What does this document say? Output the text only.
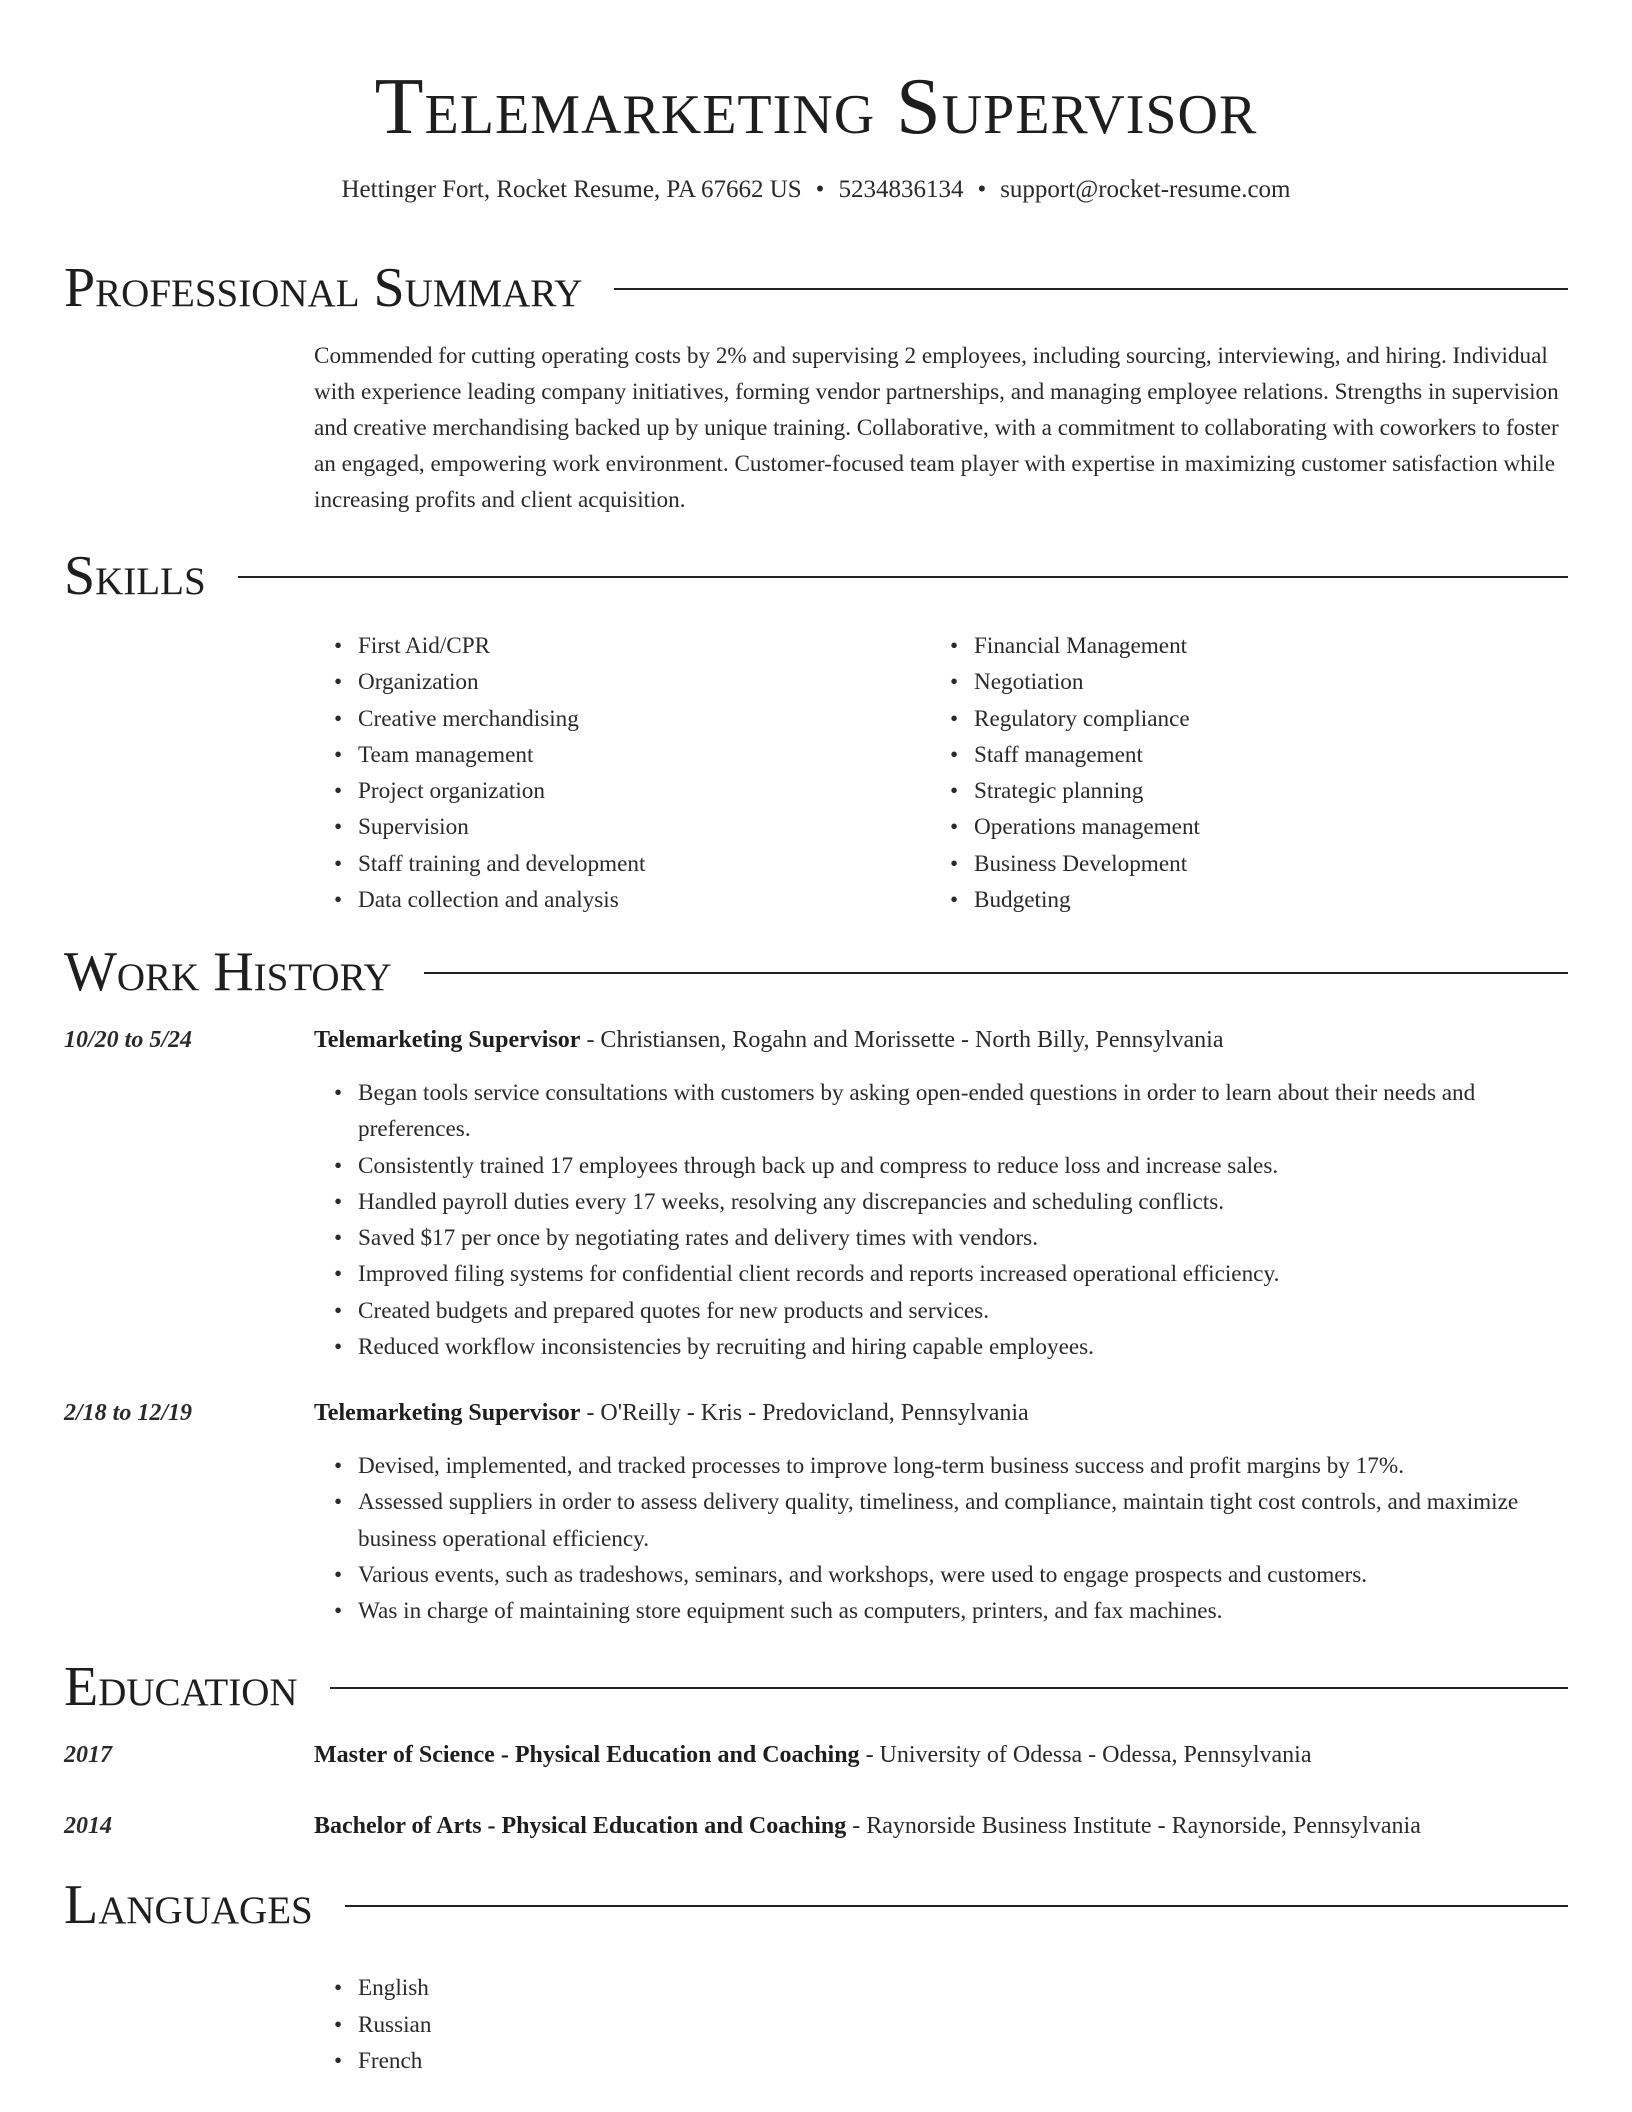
Telemarketing Supervisor
Hettinger Fort, Rocket Resume, PA 67662 US • 5234836134 • support@rocket-resume.com
Professional Summary
Commended for cutting operating costs by 2% and supervising 2 employees, including sourcing, interviewing, and hiring. Individual with experience leading company initiatives, forming vendor partnerships, and managing employee relations. Strengths in supervision and creative merchandising backed up by unique training. Collaborative, with a commitment to collaborating with coworkers to foster an engaged, empowering work environment. Customer-focused team player with expertise in maximizing customer satisfaction while increasing profits and client acquisition.
Skills
• First Aid/CPR
• Organization
• Creative merchandising
• Team management
• Project organization
• Supervision
• Staff training and development
• Data collection and analysis
• Financial Management
• Negotiation
• Regulatory compliance
• Staff management
• Strategic planning
• Operations management
• Business Development
• Budgeting
Work History
10/20 to 5/24	Telemarketing Supervisor - Christiansen, Rogahn and Morissette - North Billy, Pennsylvania
• Began tools service consultations with customers by asking open-ended questions in order to learn about their needs and preferences.
• Consistently trained 17 employees through back up and compress to reduce loss and increase sales.
• Handled payroll duties every 17 weeks, resolving any discrepancies and scheduling conflicts.
• Saved $17 per once by negotiating rates and delivery times with vendors.
• Improved filing systems for confidential client records and reports increased operational efficiency.
• Created budgets and prepared quotes for new products and services.
• Reduced workflow inconsistencies by recruiting and hiring capable employees.
2/18 to 12/19	Telemarketing Supervisor - O'Reilly - Kris - Predovicland, Pennsylvania
• Devised, implemented, and tracked processes to improve long-term business success and profit margins by 17%.
• Assessed suppliers in order to assess delivery quality, timeliness, and compliance, maintain tight cost controls, and maximize business operational efficiency.
• Various events, such as tradeshows, seminars, and workshops, were used to engage prospects and customers.
• Was in charge of maintaining store equipment such as computers, printers, and fax machines.
Education
2017	Master of Science - Physical Education and Coaching - University of Odessa - Odessa, Pennsylvania
2014	Bachelor of Arts - Physical Education and Coaching - Raynorside Business Institute - Raynorside, Pennsylvania
Languages
• English
• Russian
• French
